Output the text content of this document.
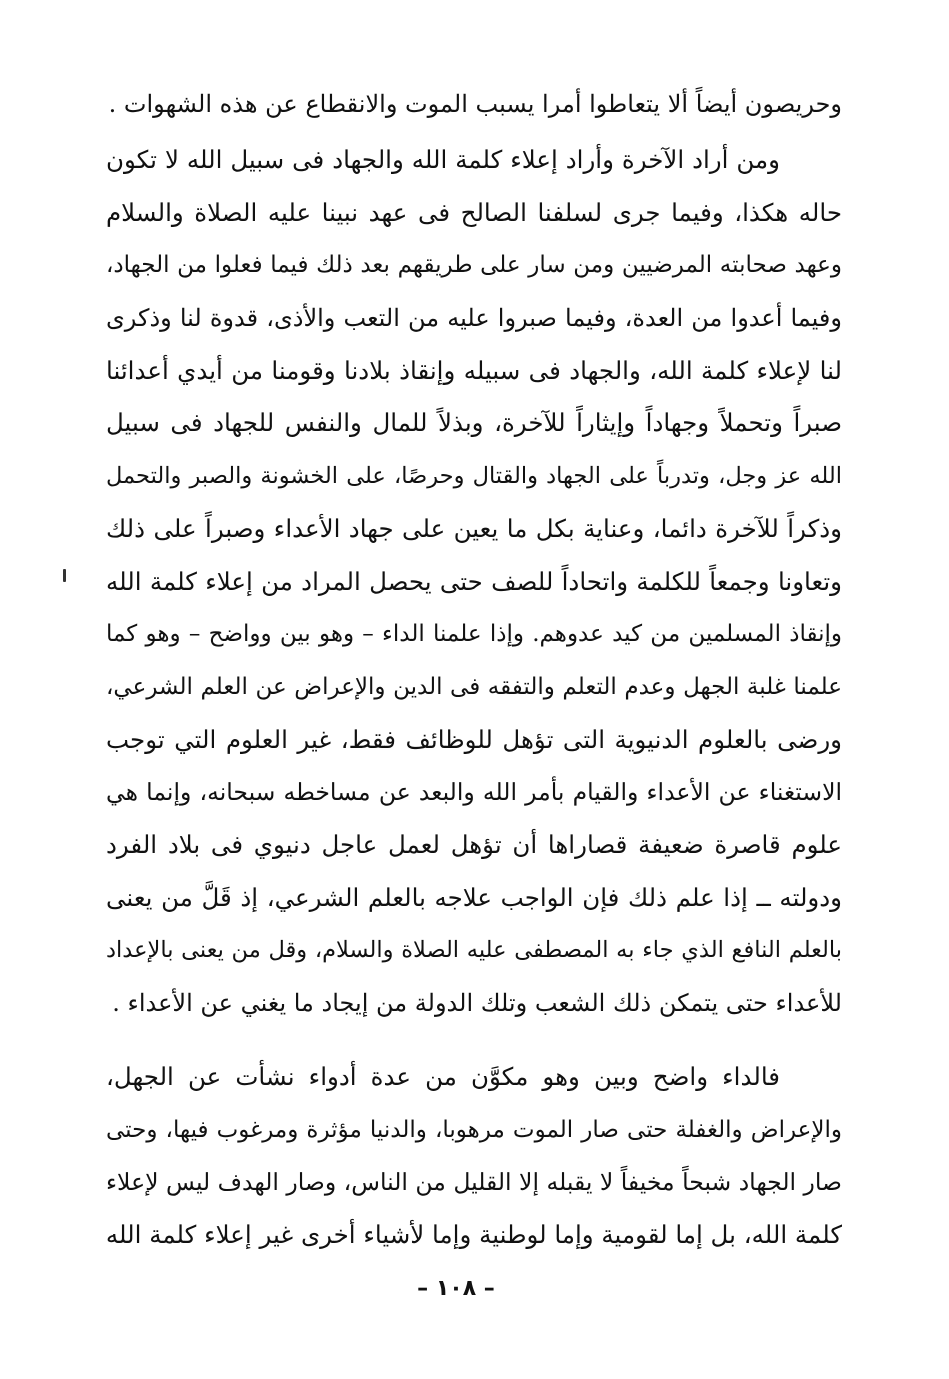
وحريصون أيضاً ألا يتعاطوا أمرا يسبب الموت والانقطاع عن هذه الشهوات .
ومن أراد الآخرة وأراد إعلاء كلمة الله والجهاد فى سبيل الله لا تكون
حاله هكذا، وفيما جرى لسلفنا الصالح فى عهد نبينا عليه الصلاة والسلام
وعهد صحابته المرضيين ومن سار على طريقهم بعد ذلك فيما فعلوا من الجهاد،
وفيما أعدوا من العدة، وفيما صبروا عليه من التعب والأذى، قدوة لنا وذكرى
لنا لإعلاء كلمة الله، والجهاد فى سبيله وإنقاذ بلادنا وقومنا من أيدي أعدائنا
صبراً وتحملاً وجهاداً وإيثاراً للآخرة، وبذلاً للمال والنفس للجهاد فى سبيل
الله عز وجل، وتدرباً على الجهاد والقتال وحرصًا، على الخشونة والصبر والتحمل
وذكراً للآخرة دائما، وعناية بكل ما يعين على جهاد الأعداء وصبراً على ذلك
وتعاونا وجمعاً للكلمة واتحاداً للصف حتى يحصل المراد من إعلاء كلمة الله
وإنقاذ المسلمين من كيد عدوهم. وإذا علمنا الداء – وهو بين وواضح – وهو كما
علمنا غلبة الجهل وعدم التعلم والتفقه فى الدين والإعراض عن العلم الشرعي،
ورضى بالعلوم الدنيوية التى تؤهل للوظائف فقط، غير العلوم التي توجب
الاستغناء عن الأعداء والقيام بأمر الله والبعد عن مساخطه سبحانه، وإنما هي
علوم قاصرة ضعيفة قصاراها أن تؤهل لعمل عاجل دنيوي فى بلاد الفرد
ودولته ــ إذا علم ذلك فإن الواجب علاجه بالعلم الشرعي، إذ قَلَّ من يعنى
بالعلم النافع الذي جاء به المصطفى عليه الصلاة والسلام، وقل من يعنى بالإعداد
للأعداء حتى يتمكن ذلك الشعب وتلك الدولة من إيجاد ما يغني عن الأعداء .
فالداء واضح وبين وهو مكوَّن من عدة أدواء نشأت عن الجهل،
والإعراض والغفلة حتى صار الموت مرهوبا، والدنيا مؤثرة ومرغوب فيها، وحتى
صار الجهاد شبحاً مخيفاً لا يقبله إلا القليل من الناس، وصار الهدف ليس لإعلاء
كلمة الله، بل إما لقومية وإما لوطنية وإما لأشياء أخرى غير إعلاء كلمة الله
– ١٠٨ –
